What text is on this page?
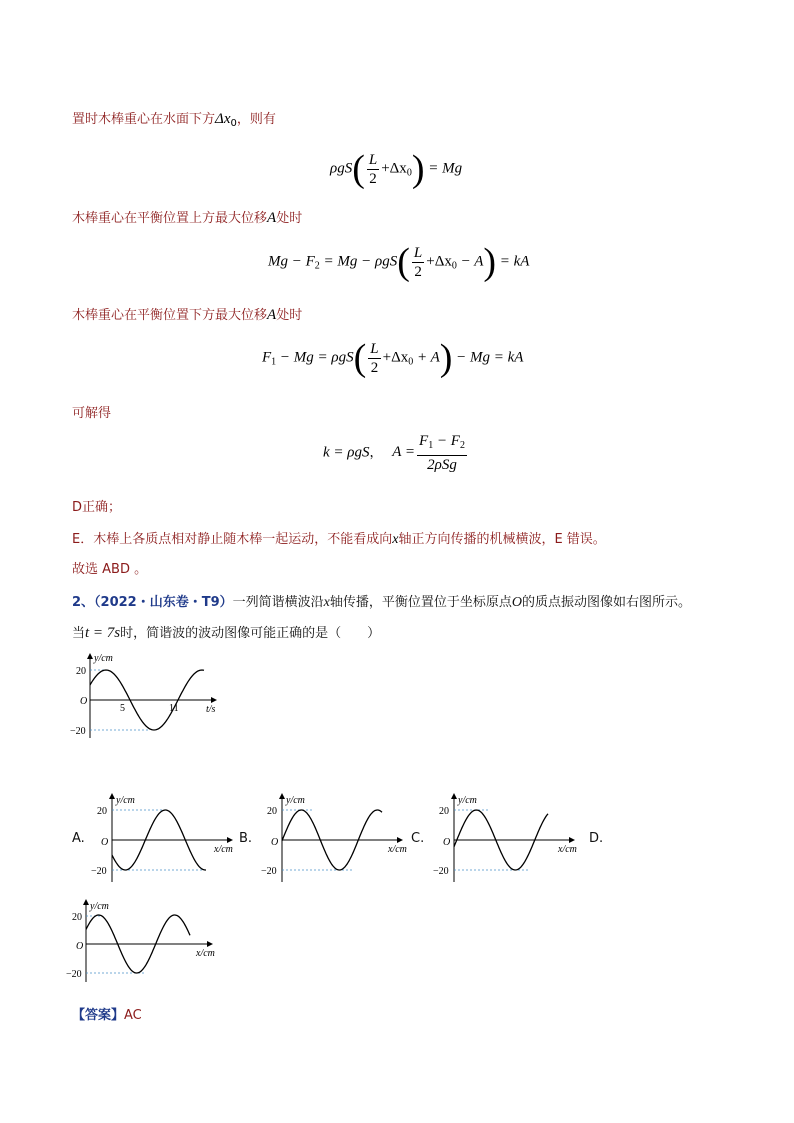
置时木棒重心在水面下方$\Delta x_0$，则有
$\rho gS( \frac{L}{2} +\Delta x_0) = Mg$
木棒重心在平衡位置上方最大位移A处时
$Mg - F_2 = Mg - \rho gS( \frac{L}{2} +\Delta x_0 - A)$ = kA
木棒重心在平衡位置下方最大位移A处时
$F_1 - Mg = \rho gS( \frac{L}{2} +\Delta x_0 + A) - Mg$ = kA
可解得
k = ρgS， $A = \frac{F_1 - F_2}{\text{2ρSg}}$
D正确；
E．木棒上各质点相对静止随木棒一起运动，不能看成向x轴正方向传播的机械横波，E 错误。
故选 ABD 。
2、（2022・山东卷・T9）一列简谐横波沿x轴传播，平衡位置位于坐标原点O的质点振动图像如右图所示。
当t = 7s时，简谐波的波动图像可能正确的是（　　）
y/cm
t/s
O
20
−20
5	11
A.
y/cm
x/cm
O
20
−20
B.
y/cm
x/cm
O
20
−20
C.
y/cm
x/cm
O
20
−20
D.
y/cm
x/cm
O
20
−20
【答案】AC
